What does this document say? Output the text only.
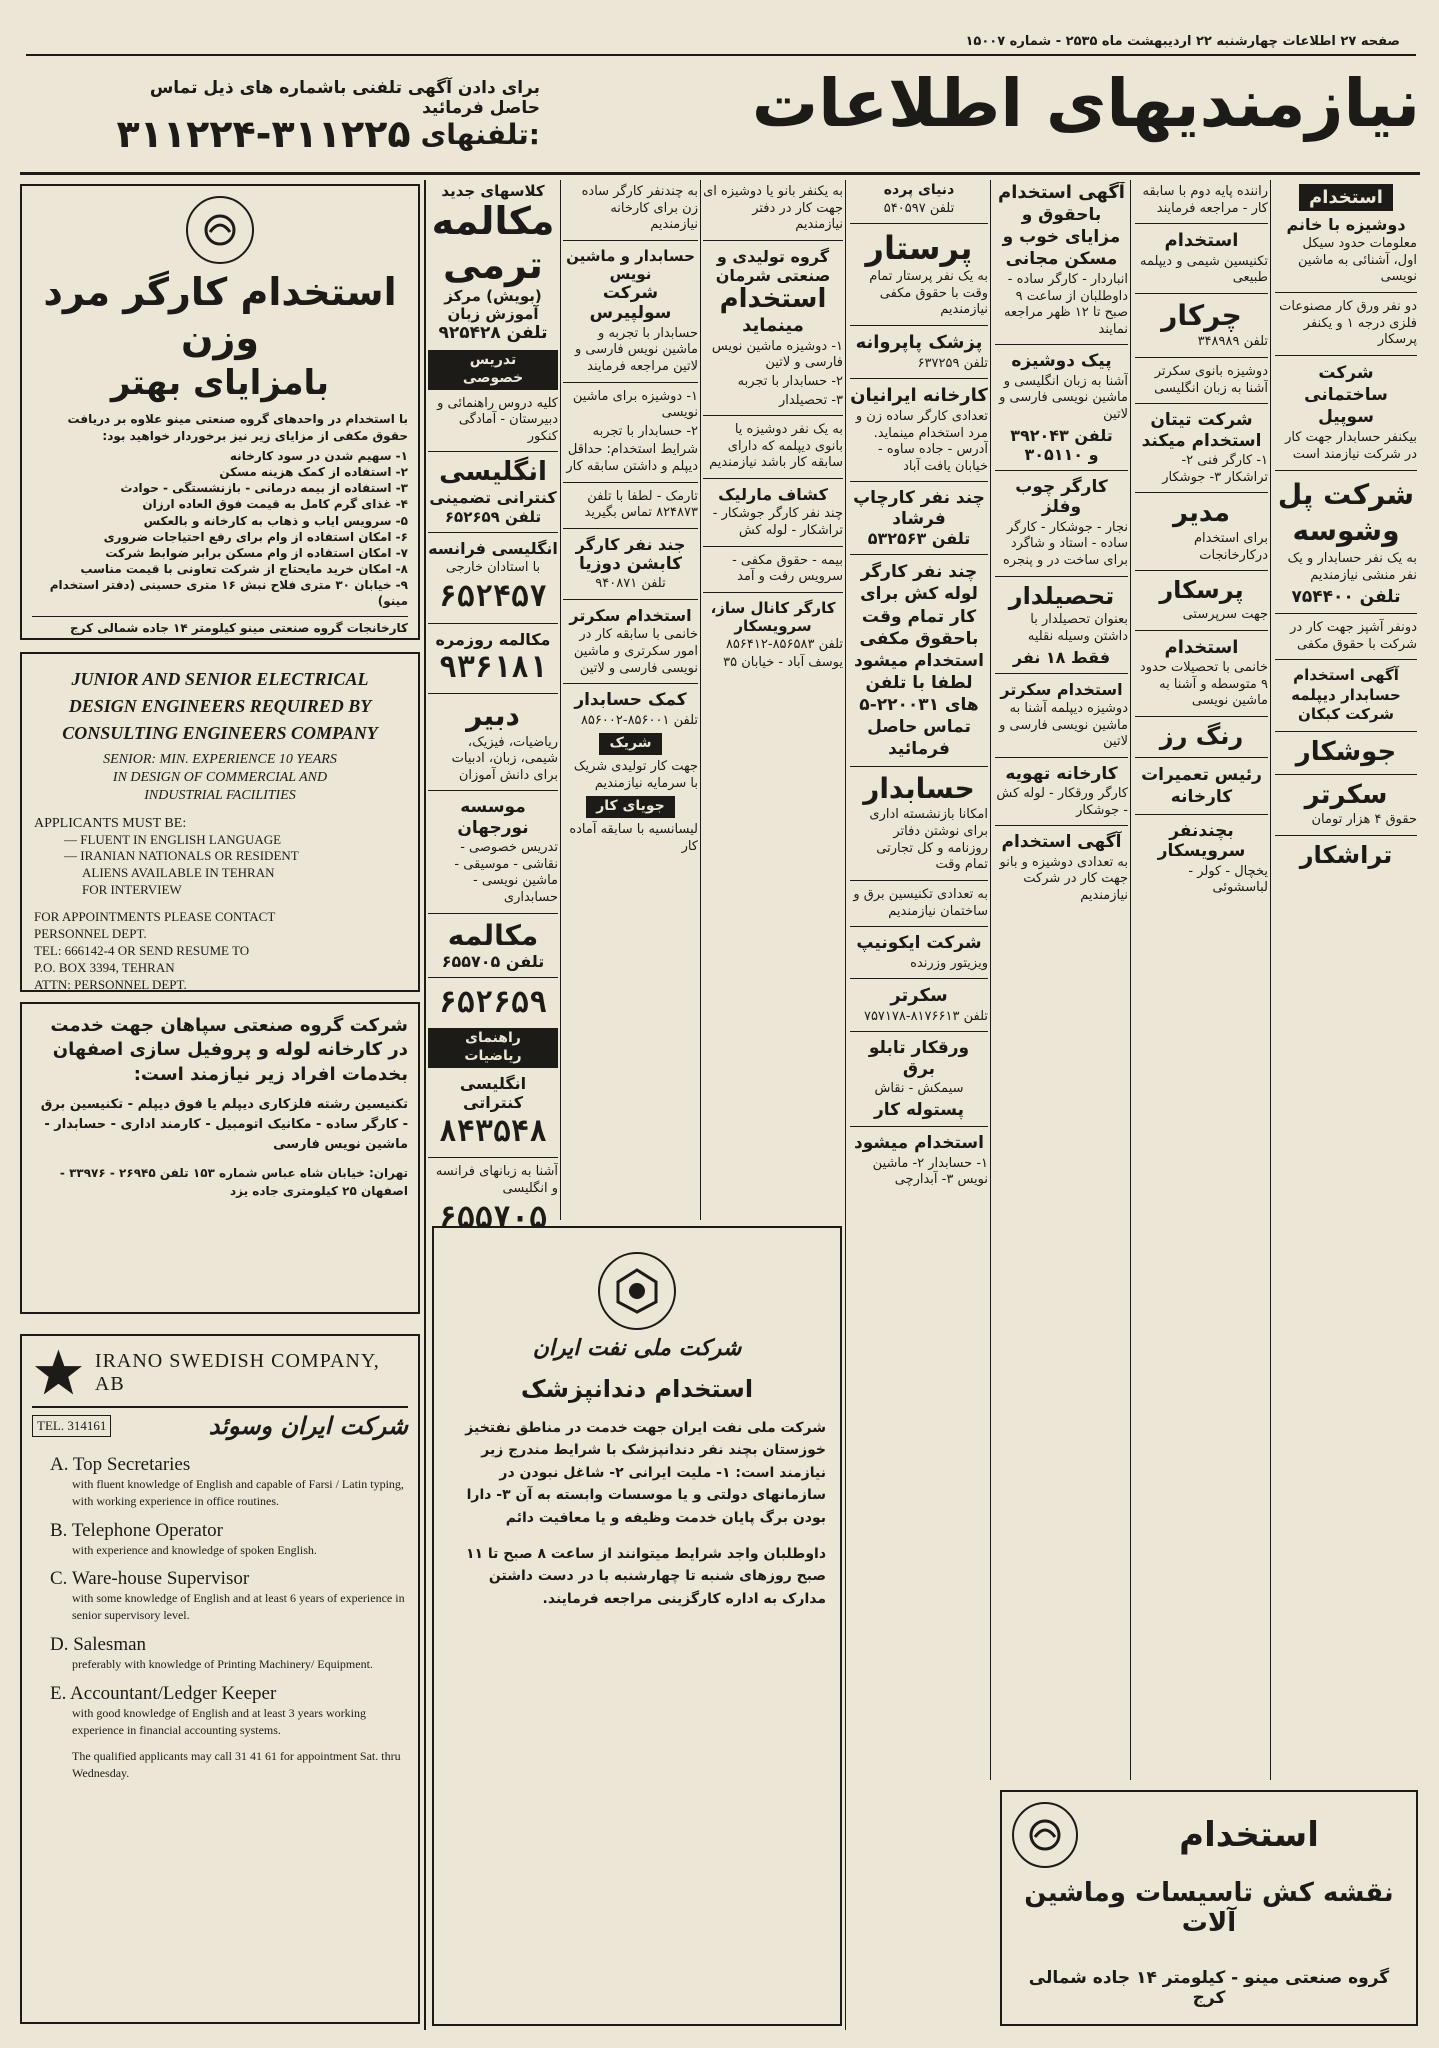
صفحه ۲۷ اطلاعات چهارشنبه ۲۲ اردیبهشت ماه ۲۵۳۵ - شماره ۱۵۰۰۷
نیازمندیهای اطلاعات
برای دادن آگهی تلفنی باشماره های ذیل تماس حاصل فرمائید
تلفنهای:
۳۱۱۲۲۴-۳۱۱۲۲۵
استخدام کارگر مرد وزن
بامزایای بهتر
با استخدام در واحدهای گروه صنعتی مینو علاوه بر دریافت حقوق مکفی از مزایای زیر نیز برخوردار خواهید بود:
۱- سهیم شدن در سود کارخانه
۲- استفاده از کمک هزینه مسکن
۳- استفاده از بیمه درمانی - بازنشستگی - حوادث
۴- غذای گرم کامل به قیمت فوق العاده ارزان
۵- سرویس ایاب و ذهاب به کارخانه و بالعکس
۶- امکان استفاده از وام برای رفع احتیاجات ضروری
۷- امکان استفاده از وام مسکن برابر ضوابط شرکت
۸- امکان خرید مایحتاج از شرکت تعاونی با قیمت مناسب
۹- خیابان ۳۰ متری فلاح نبش ۱۶ متری حسینی (دفتر استخدام مینو)
کارخانجات گروه صنعتی مینو کیلومتر ۱۴ جاده شمالی کرج
JUNIOR AND SENIOR ELECTRICAL
DESIGN ENGINEERS REQUIRED BY
CONSULTING ENGINEERS COMPANY
SENIOR: MIN. EXPERIENCE 10 YEARS
IN DESIGN OF COMMERCIAL AND
INDUSTRIAL FACILITIES
APPLICANTS MUST BE:
— FLUENT IN ENGLISH LANGUAGE
— IRANIAN NATIONALS OR RESIDENT
ALIENS AVAILABLE IN TEHRAN
FOR INTERVIEW
FOR APPOINTMENTS PLEASE CONTACT
PERSONNEL DEPT.
TEL: 666142-4 OR SEND RESUME TO
P.O. BOX 3394, TEHRAN
ATTN: PERSONNEL DEPT.
شرکت گروه صنعتی سپاهان جهت خدمت در کارخانه لوله و پروفیل سازی اصفهان بخدمات افراد زیر نیازمند است:
تکنیسین رشته فلزکاری دیپلم یا فوق دیپلم - تکنیسین برق - کارگر ساده - مکانیک اتومبیل - کارمند اداری - حسابدار - ماشین نویس فارسی
تهران: خیابان شاه عباس شماره ۱۵۳ تلفن ۲۶۹۴۵ - ۳۳۹۷۶ - اصفهان ۲۵ کیلومتری جاده یزد
IRANO SWEDISH COMPANY, AB
TEL. 314161	شرکت ایران وسوئد
A. Top Secretaries
with fluent knowledge of English and capable of Farsi / Latin typing, with working experience in office routines.
B. Telephone Operator
with experience and knowledge of spoken English.
C. Ware-house Supervisor
with some knowledge of English and at least 6 years of experience in senior supervisory level.
D. Salesman
preferably with knowledge of Printing Machinery/ Equipment.
E. Accountant/Ledger Keeper
with good knowledge of English and at least 3 years working experience in financial accounting systems.
The qualified applicants may call 31 41 61 for appointment Sat. thru Wednesday.
کلاسهای جدید
مکالمه
ترمی
(بویش) مرکز آموزش زبان
تلفن ۹۲۵۴۲۸
تدریس خصوصی

کلیه دروس راهنمائی و دبیرستان - آمادگی کنکور

انگلیسی
کنترانی تضمینی
تلفن ۶۵۲۶۵۹
انگلیسی فرانسه

با استادان خارجی

۶۵۲۴۵۷
مکالمه روزمره
۹۳۶۱۸۱
دبیر

ریاضیات، فیزیک، شیمی، زبان، ادبیات برای دانش آموزان

موسسه نورجهان

تدریس خصوصی - نقاشی - موسیقی - ماشین نویسی - حسابداری

مکالمه
تلفن ۶۵۵۷۰۵
۶۵۲۶۵۹
راهنمای ریاضیات
انگلیسی کنتراتی
۸۴۳۵۴۸

آشنا به زبانهای فرانسه و انگلیسی

۶۵۵۷۰۵

به چندنفر کارگر ساده زن برای کارخانه نیازمندیم

حسابدار و ماشین نویس
شرکت سولپیرس

حسابدار با تجربه و ماشین نویس فارسی و لاتین مراجعه فرمایند

۱- دوشیزه برای ماشین نویسی

۲- حسابدار با تجربه

شرایط استخدام: حداقل دیپلم و داشتن سابقه کار

تارمک - لطفا با تلفن ۸۲۴۸۷۳ تماس بگیرید

جند نفر کارگر
کابشن دوزیا

تلفن ۹۴۰۸۷۱

استخدام سکرتر

خانمی با سابقه کار در امور سکرتری و ماشین نویسی فارسی و لاتین

کمک حسابدار

تلفن ۸۵۶۰۰۱-۸۵۶۰۰۲

شریک

جهت کار تولیدی شریک با سرمایه نیازمندیم

جویای کار

لیسانسیه با سابقه آماده کار

به یکنفر بانو یا دوشیزه ای جهت کار در دفتر نیازمندیم

گروه تولیدی و صنعتی شرمان
استخدام
مینماید

۱- دوشیزه ماشین نویس فارسی و لاتین

۲- حسابدار با تجربه

۳- تحصیلدار

به یک نفر دوشیزه یا بانوی دیپلمه که دارای سابقه کار باشد نیازمندیم

کشاف مارلیک

چند نفر کارگر جوشکار - تراشکار - لوله کش

بیمه - حقوق مکفی - سرویس رفت و آمد

کارگر کانال ساز، سرویسکار

تلفن ۸۵۶۵۸۳-۸۵۶۴۱۲

یوسف آباد - خیابان ۳۵

دنیای پرده

تلفن ۵۴۰۵۹۷

پرستار

به یک نفر پرستار تمام وقت با حقوق مکفی نیازمندیم

پزشک پاپروانه

تلفن ۶۳۷۲۵۹

کارخانه ایرانیان

تعدادی کارگر ساده زن و مرد استخدام مینماید. آدرس - جاده ساوه - خیابان یافت آباد

چند نفر کارچاپ
فرشاد
تلفن ۵۳۲۵۶۳
چند نفر کارگر لوله کش برای کار تمام وقت باحقوق مکفی استخدام میشود
لطفا با تلفن های ۲۲۰۰۳۱-۵ تماس حاصل فرمائید
حسابدار

امکانا بازنشسته اداری برای نوشتن دفاتر روزنامه و کل تجارتی تمام وقت

به تعدادی تکنیسین برق و ساختمان نیازمندیم

شرکت ایکونیپ

ویزیتور وزرنده

سکرتر

تلفن ۸۱۷۶۶۱۳-۷۵۷۱۷۸

ورقکار تابلو برق

سیمکش - نقاش

پستوله کار
استخدام میشود

۱- حسابدار ۲- ماشین نویس ۳- آبدارچی

آگهی استخدام
باحقوق و مزایای خوب و مسکن مجانی

انباردار - کارگر ساده - داوطلبان از ساعت ۹ صبح تا ۱۲ ظهر مراجعه نمایند

پیک دوشیزه

آشنا به زبان انگلیسی و ماشین نویسی فارسی و لاتین

تلفن ۳۹۲۰۴۳
و ۳۰۵۱۱۰
کارگر چوب وفلز

نجار - جوشکار - کارگر ساده - استاد و شاگرد برای ساخت در و پنجره

تحصیلدار

بعنوان تحصیلدار با داشتن وسیله نقلیه

فقط ۱۸ نفر
استخدام سکرتر

دوشیزه دیپلمه آشنا به ماشین نویسی فارسی و لاتین

کارخانه تهویه

کارگر ورقکار - لوله کش - جوشکار

آگهی استخدام

به تعدادی دوشیزه و بانو جهت کار در شرکت نیازمندیم

راننده پایه دوم با سابقه کار - مراجعه فرمایند

استخدام

تکنیسین شیمی و دیپلمه طبیعی

چرکار

تلفن ۳۴۸۹۸۹

دوشیزه بانوی سکرتر آشنا به زبان انگلیسی

شرکت تیتان
استخدام میکند

۱- کارگر فنی ۲- تراشکار ۳- جوشکار

مدیر

برای استخدام درکارخانجات

پرسکار

جهت سرپرستی

استخدام

خانمی با تحصیلات حدود ۹ متوسطه و آشنا به ماشین نویسی

رنگ رز
رئیس تعمیرات کارخانه
بچندنفر سرویسکار

یخچال - کولر - لباسشوئی

استخدام
دوشیزه با خانم

معلومات حدود سیکل اول، آشنائی به ماشین نویسی

دو نفر ورق کار مصنوعات فلزی درجه ۱ و یکنفر پرسکار

شرکت ساختمانی سوپیل

بیکنفر حسابدار جهت کار در شرکت نیازمند است

شرکت پل وشوسه

به یک نفر حسابدار و یک نفر منشی نیازمندیم

تلفن ۷۵۴۴۰۰

دونفر آشپز جهت کار در شرکت با حقوق مکفی

آگهی استخدام حسابدار دیپلمه شرکت کبکان
جوشکار
سکرتر

حقوق ۴ هزار تومان

تراشکار
شرکت ملی نفت ایران
استخدام دندانپزشک
شرکت ملی نفت ایران جهت خدمت در مناطق نفتخیز خوزستان بچند نفر دندانپزشک با شرایط مندرج زیر نیازمند است: ۱- ملیت ایرانی ۲- شاغل نبودن در سازمانهای دولتی و یا موسسات وابسته به آن ۳- دارا بودن برگ پایان خدمت وظیفه و یا معافیت دائم
داوطلبان واجد شرایط میتوانند از ساعت ۸ صبح تا ۱۱ صبح روزهای شنبه تا چهارشنبه با در دست داشتن مدارک به اداره کارگزینی مراجعه فرمایند.
استخدام
نقشه کش تاسیسات وماشین آلات
گروه صنعتی مینو - کیلومتر ۱۴ جاده شمالی کرج
